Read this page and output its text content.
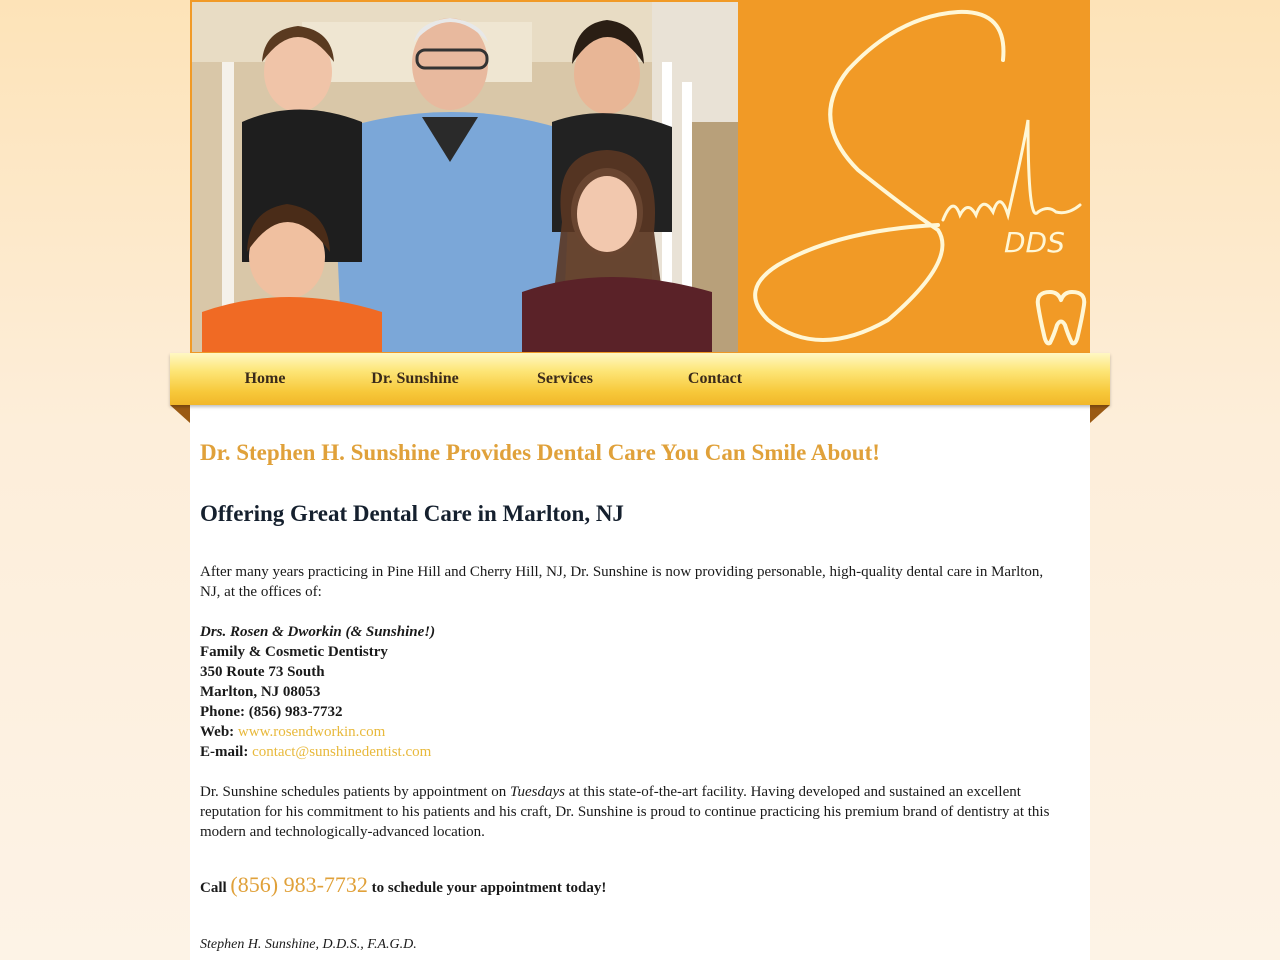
DDS
Home	Dr. Sunshine	Services	Contact
Dr. Stephen H. Sunshine Provides Dental Care You Can Smile About!
Offering Great Dental Care in Marlton, NJ

After many years practicing in Pine Hill and Cherry Hill, NJ, Dr. Sunshine is now providing personable, high-quality dental care in Marlton, NJ, at the offices of:

Drs. Rosen & Dworkin (& Sunshine!)
Family & Cosmetic Dentistry
350 Route 73 South
Marlton, NJ 08053
Phone: (856) 983-7732
Web: www.rosendworkin.com
E-mail: contact@sunshinedentist.com

Dr. Sunshine schedules patients by appointment on Tuesdays at this state-of-the-art facility. Having developed and sustained an excellent reputation for his commitment to his patients and his craft, Dr. Sunshine is proud to continue practicing his premium brand of dentistry at this modern and technologically-advanced location.

Call (856) 983-7732 to schedule your appointment today!

Stephen H. Sunshine, D.D.S., F.A.G.D.
